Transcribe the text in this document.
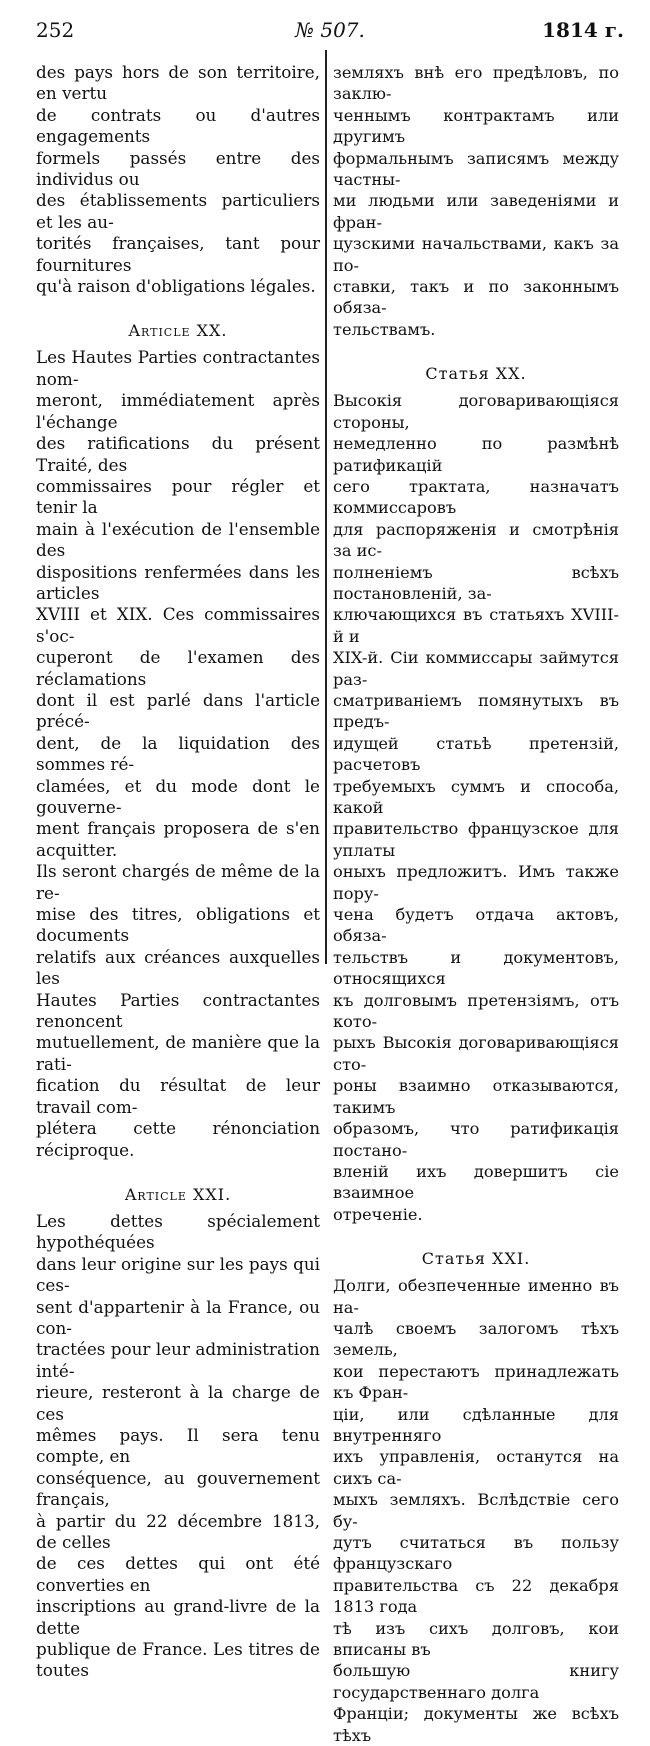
252	№ 507.	1814 г.

des pays hors de son territoire, en vertu
de contrats ou d'autres engagements
formels passés entre des individus ou
des établissements particuliers et les au-
torités françaises, tant pour fournitures
qu'à raison d'obligations légales.

Article XX.

Les Hautes Parties contractantes nom-
meront, immédiatement après l'échange
des ratifications du présent Traité, des
commissaires pour régler et tenir la
main à l'exécution de l'ensemble des
dispositions renfermées dans les articles
XVIII et XIX. Ces commissaires s'oc-
cuperont de l'examen des réclamations
dont il est parlé dans l'article précé-
dent, de la liquidation des sommes ré-
clamées, et du mode dont le gouverne-
ment français proposera de s'en acquitter.
Ils seront chargés de même de la re-
mise des titres, obligations et documents
relatifs aux créances auxquelles les
Hautes Parties contractantes renoncent
mutuellement, de manière que la rati-
fication du résultat de leur travail com-
plétera cette rénonciation réciproque.

Article XXI.

Les dettes spécialement hypothéquées
dans leur origine sur les pays qui ces-
sent d'appartenir à la France, ou con-
tractées pour leur administration inté-
rieure, resteront à la charge de ces
mêmes pays. Il sera tenu compte, en
conséquence, au gouvernement français,
à partir du 22 décembre 1813, de celles
de ces dettes qui ont été converties en
inscriptions au grand-livre de la dette
publique de France. Les titres de toutes

земляхъ внѣ его предѣловъ, по заклю-
ченнымъ контрактамъ или другимъ
формальнымъ записямъ между частны-
ми людьми или заведеніями и фран-
цузскими начальствами, какъ за по-
ставки, такъ и по законнымъ обяза-
тельствамъ.

Статья XX.

Высокія договаривающіяся стороны,
немедленно по размѣнѣ ратификацій
сего трактата, назначатъ коммиссаровъ
для распоряженія и смотрѣнія за ис-
полненіемъ всѣхъ постановленій, за-
ключающихся въ статьяхъ XVIII-й и
XIX-й. Сіи коммиссары займутся раз-
сматриваніемъ помянутыхъ въ предъ-
идущей статьѣ претензій, расчетовъ
требуемыхъ суммъ и способа, какой
правительство французское для уплаты
оныхъ предложитъ. Имъ также пору-
чена будетъ отдача актовъ, обяза-
тельствъ и документовъ, относящихся
къ долговымъ претензіямъ, отъ кото-
рыхъ Высокія договаривающіяся сто-
роны взаимно отказываются, такимъ
образомъ, что ратификація постано-
вленій ихъ довершитъ сіе взаимное
отреченіе.

Статья XXI.

Долги, обезпеченные именно въ на-
чалѣ своемъ залогомъ тѣхъ земель,
кои перестаютъ принадлежать къ Фран-
ціи, или сдѣланные для внутренняго
ихъ управленія, останутся на сихъ са-
мыхъ земляхъ. Вслѣдствіе сего бу-
дутъ считаться въ пользу французскаго
правительства съ 22 декабря 1813 года
тѣ изъ сихъ долговъ, кои вписаны въ
большую книгу государственнаго долга
Франціи; документы же всѣхъ тѣхъ
